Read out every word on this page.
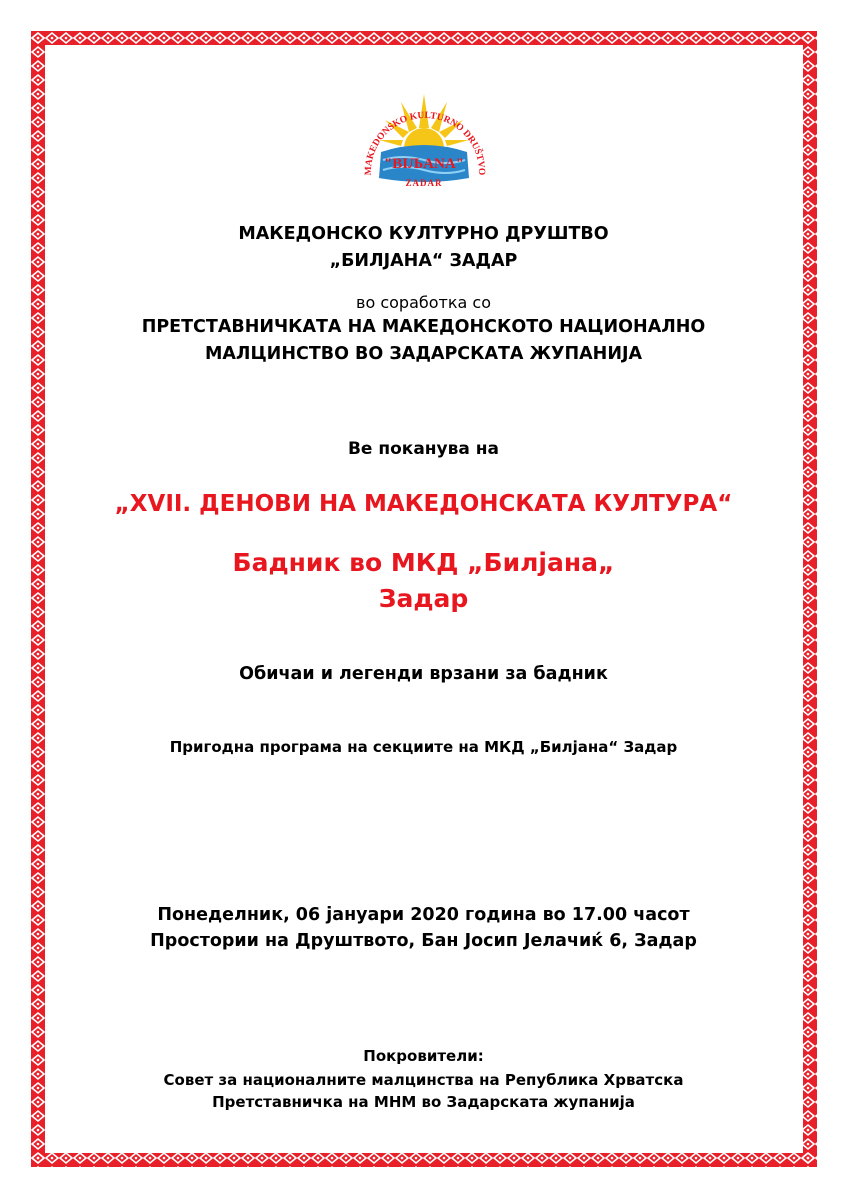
"BIЉANA"
ZADAR
MAKEDONSKO KULTURNO DRUŠTVO
МАКЕДОНСКО КУЛТУРНО ДРУШТВО
„БИЛЈАНА“ ЗАДАР
во соработка со
ПРЕТСТАВНИЧКАТА НА МАКЕДОНСКОТО НАЦИОНАЛНО
МАЛЦИНСТВО ВО ЗАДАРСКАТА ЖУПАНИЈА
Ве поканува на
„XVII. ДЕНОВИ НА МАКЕДОНСКАТА КУЛТУРА“
Бадник во МКД „Билјана„
Задар
Обичаи и легенди врзани за бадник
Пригодна програма на секциите на МКД „Билјана“ Задар
Понеделник, 06 јануари 2020 година во 17.00 часот
Простории на Друштвото, Бан Јосип Јелачиќ 6, Задар
Покровители:
Совет за националните малцинства на Република Хрватска
Претставничка на МНМ во Задарската жупанија
